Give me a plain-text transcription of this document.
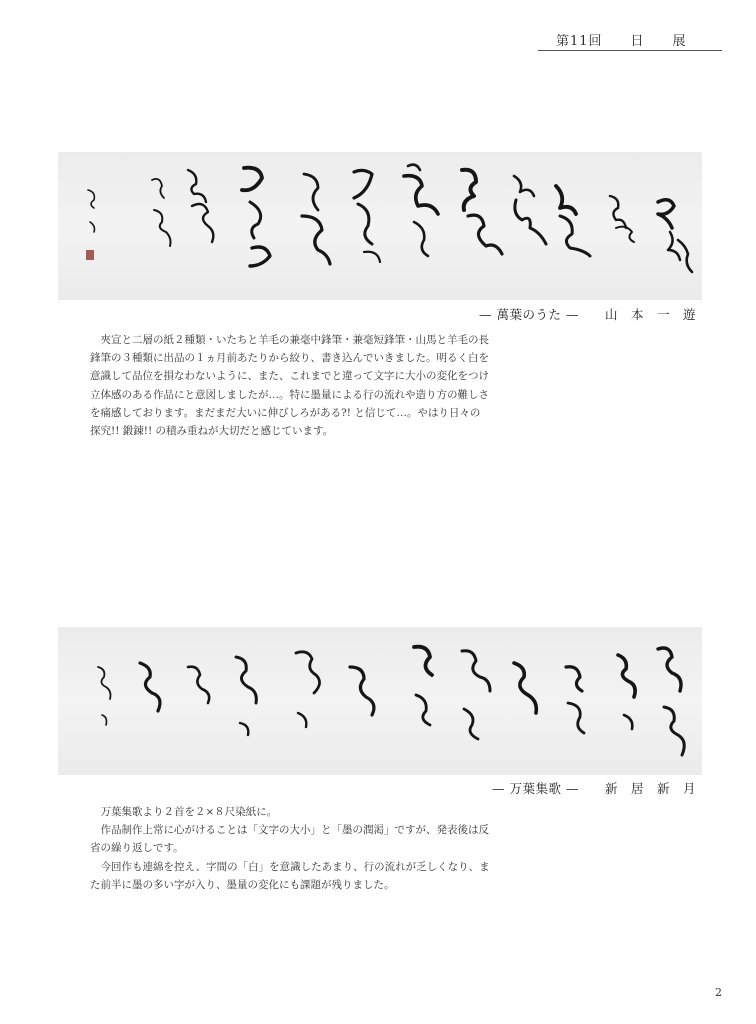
第11回　　日　　展
— 萬葉のうた —　　山　本　一　遊

夾宣と二層の紙２種類・いたちと羊毛の兼毫中鋒筆・兼毫短鋒筆・山馬と羊毛の長鋒筆の３種類に出品の１ヵ月前あたりから絞り、書き込んでいきました。明るく白を意識して品位を損なわないように、また、これまでと違って文字に大小の変化をつけ立体感のある作品にと意図しましたが…。特に墨量による行の流れや造り方の難しさを痛感しております。まだまだ大いに伸びしろがある?! と信じて…。やはり日々の探究!! 鍛錬!! の積み重ねが大切だと感じています。

— 万葉集歌 —　　新　居　新　月

万葉集歌より２首を２×８尺染紙に。

作品制作上常に心がけることは「文字の大小」と「墨の潤渇」ですが、発表後は反省の繰り返しです。

今回作も連綿を控え、字間の「白」を意識したあまり、行の流れが乏しくなり、また前半に墨の多い字が入り、墨量の変化にも課題が残りました。

2
